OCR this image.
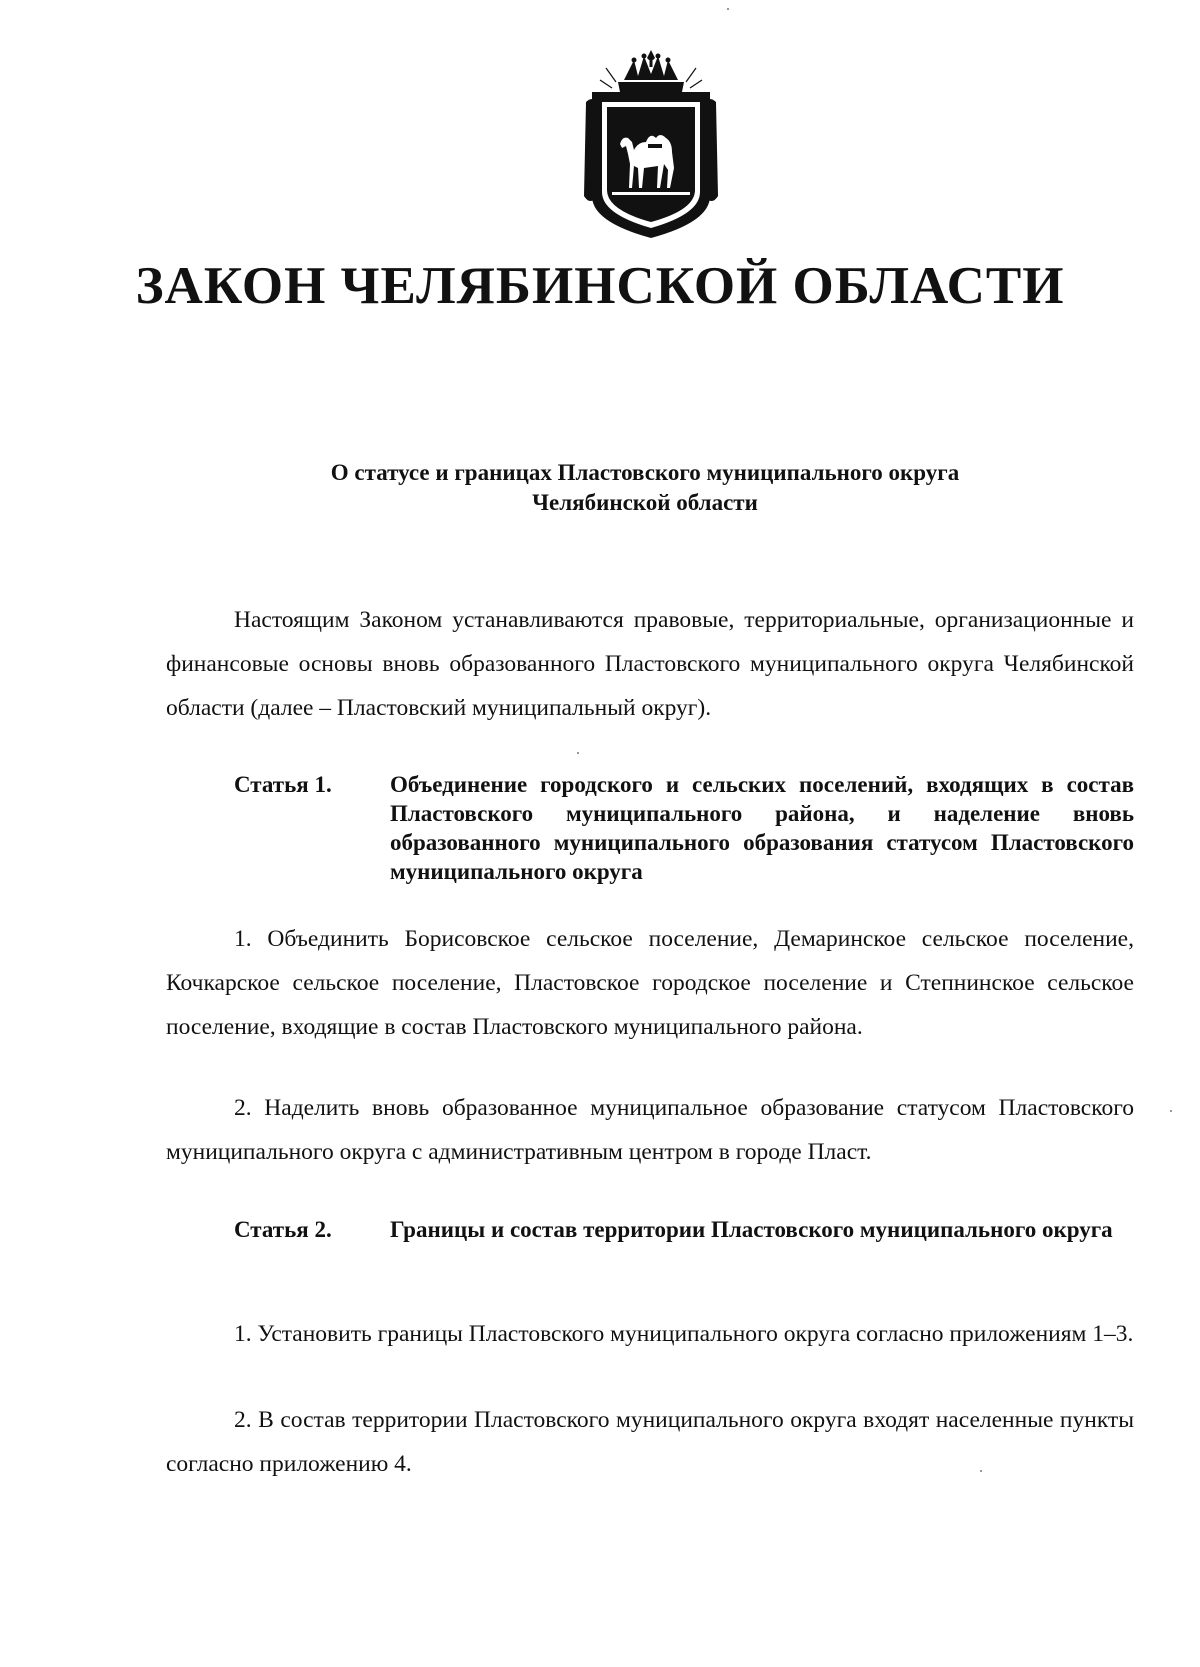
ЗАКОН ЧЕЛЯБИНСКОЙ ОБЛАСТИ
О статусе и границах Пластовского муниципального округа
Челябинской области

Настоящим Законом устанавливаются правовые, территориальные, организационные и финансовые основы вновь образованного Пластовского муниципального округа Челябинской области (далее – Пластовский муниципальный округ).

Статья 1.	Объединение городского и сельских поселений, входящих в состав Пластовского муниципального района, и наделение вновь образованного муниципального образования статусом Пластовского муниципального округа

1. Объединить Борисовское сельское поселение, Демаринское сельское поселение, Кочкарское сельское поселение, Пластовское городское поселение и Степнинское сельское поселение, входящие в состав Пластовского муниципального района.

2. Наделить вновь образованное муниципальное образование статусом Пластовского муниципального округа с административным центром в городе Пласт.

Статья 2.	Границы и состав территории Пластовского муниципального округа

1. Установить границы Пластовского муниципального округа согласно приложениям 1–3.

2. В состав территории Пластовского муниципального округа входят населенные пункты согласно приложению 4.
